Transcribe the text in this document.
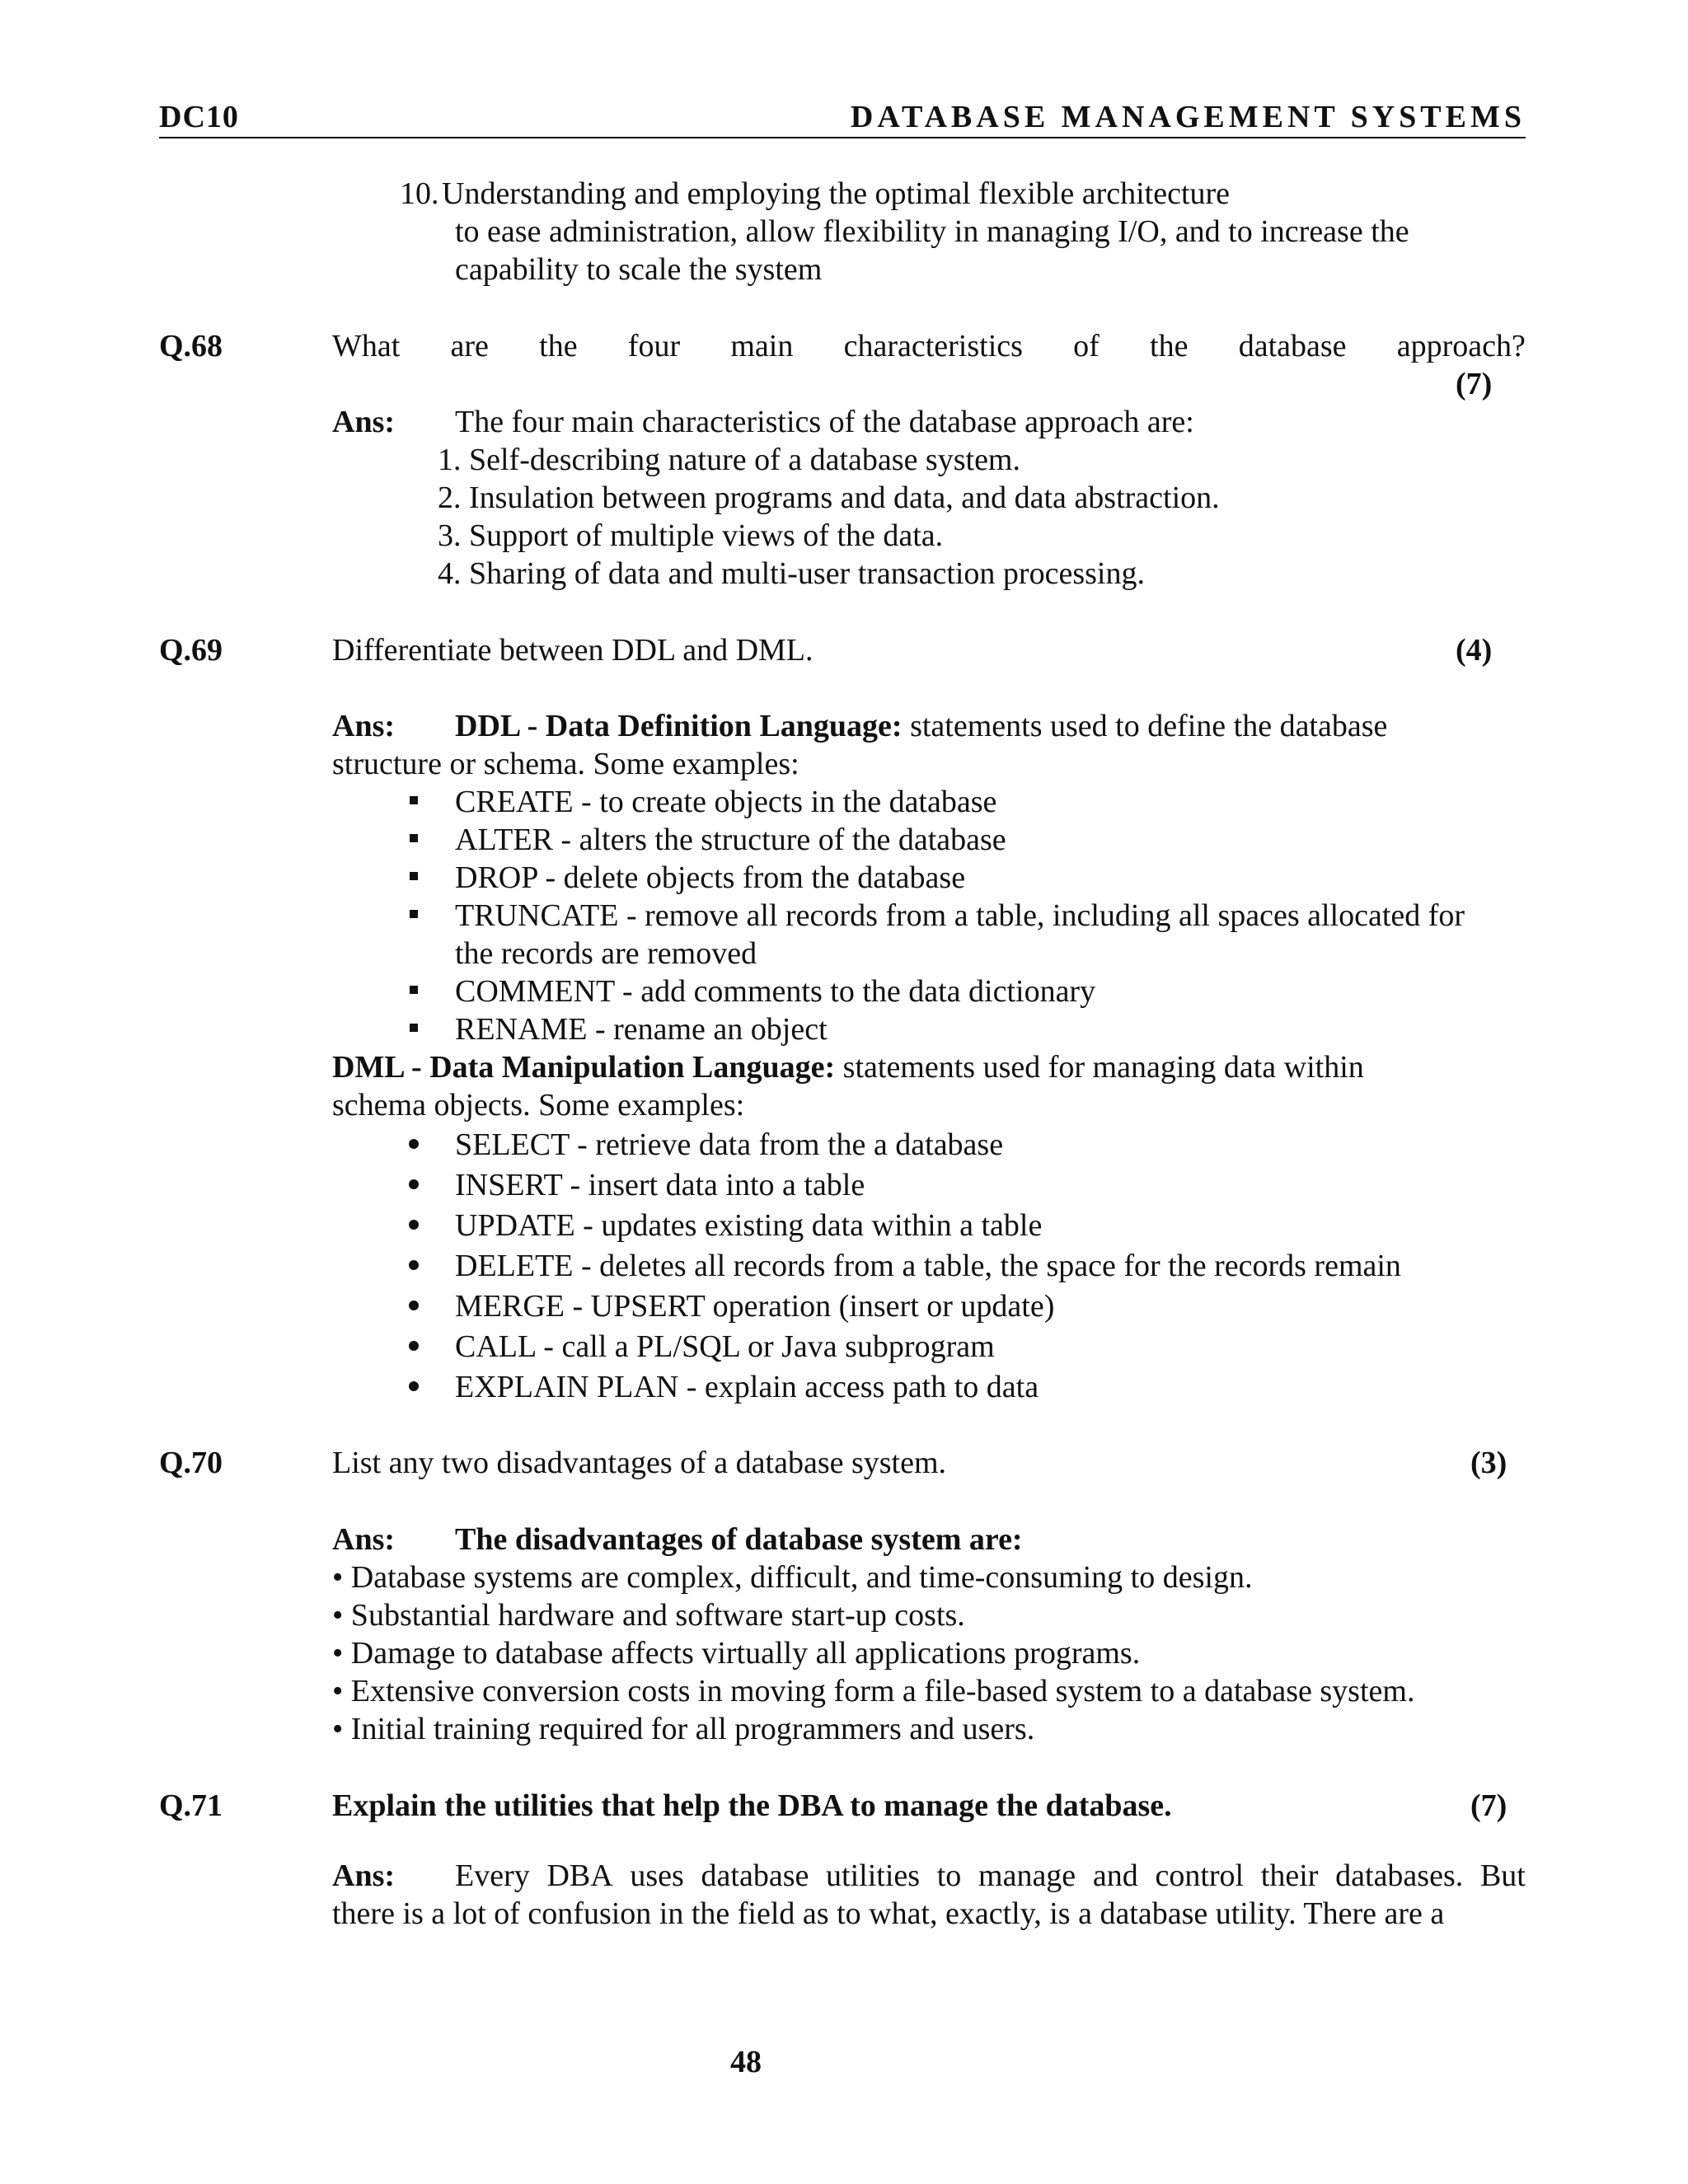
DC10	DATABASE MANAGEMENT SYSTEMS
10. Understanding and employing the optimal flexible architecture
to ease administration, allow flexibility in managing I/O, and to increase the
capability to scale the system
Q.68	What are the four main characteristics of the database approach?
(7)
Ans: The four main characteristics of the database approach are:
1. Self-describing nature of a database system.
2. Insulation between programs and data, and data abstraction.
3. Support of multiple views of the data.
4. Sharing of data and multi-user transaction processing.
Q.69	Differentiate between DDL and DML.	(4)
Ans: DDL - Data Definition Language: statements used to define the database
structure or schema. Some examples:
CREATE - to create objects in the database
ALTER - alters the structure of the database
DROP - delete objects from the database
TRUNCATE - remove all records from a table, including all spaces allocated for
the records are removed
COMMENT - add comments to the data dictionary
RENAME - rename an object
DML - Data Manipulation Language: statements used for managing data within
schema objects. Some examples:
SELECT - retrieve data from the a database
INSERT - insert data into a table
UPDATE - updates existing data within a table
DELETE - deletes all records from a table, the space for the records remain
MERGE - UPSERT operation (insert or update)
CALL - call a PL/SQL or Java subprogram
EXPLAIN PLAN - explain access path to data
Q.70	List any two disadvantages of a database system.	(3)
Ans: The disadvantages of database system are:
• Database systems are complex, difficult, and time-consuming to design.
• Substantial hardware and software start-up costs.
• Damage to database affects virtually all applications programs.
• Extensive conversion costs in moving form a file-based system to a database system.
• Initial training required for all programmers and users.
Q.71	Explain the utilities that help the DBA to manage the database.	(7)
Ans: Every DBA uses database utilities to manage and control their databases. But
there is a lot of confusion in the field as to what, exactly, is a database utility. There are a
48
